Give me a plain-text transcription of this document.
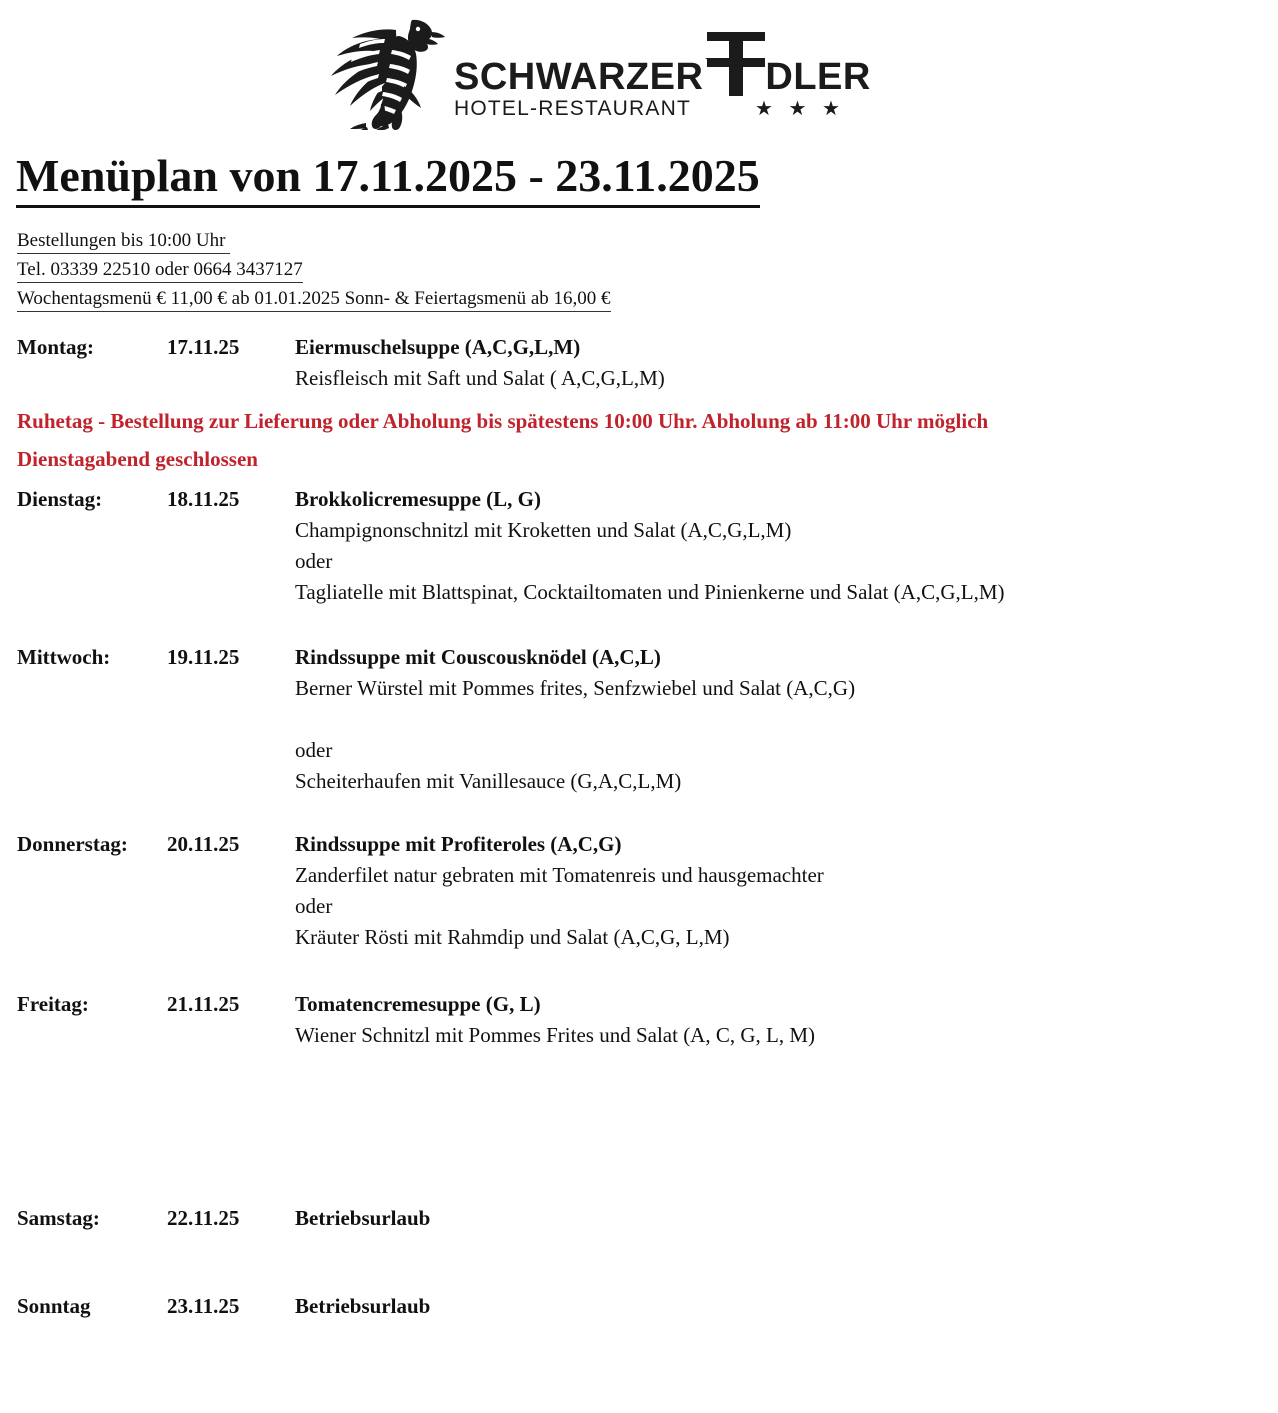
SCHWARZER DLER
HOTEL-RESTAURANT	★ ★ ★
Menüplan von 17.11.2025 - 23.11.2025
Bestellungen bis 10:00 Uhr
Tel. 03339 22510 oder 0664 3437127
Wochentagsmenü € 11,00 € ab 01.01.2025 Sonn- & Feiertagsmenü ab 16,00 €
Montag:	17.11.25	Eiermuschelsuppe (A,C,G,L,M)
Reisfleisch mit Saft und Salat ( A,C,G,L,M)
Ruhetag - Bestellung zur Lieferung oder Abholung bis spätestens 10:00 Uhr. Abholung ab 11:00 Uhr möglich
Dienstagabend geschlossen
Dienstag:	18.11.25	Brokkolicremesuppe (L, G)
Champignonschnitzl mit Kroketten und Salat (A,C,G,L,M)
oder
Tagliatelle mit Blattspinat, Cocktailtomaten und Pinienkerne und Salat (A,C,G,L,M)
Mittwoch:	19.11.25	Rindssuppe mit Couscousknödel (A,C,L)
Berner Würstel mit Pommes frites, Senfzwiebel und Salat (A,C,G)

oder
Scheiterhaufen mit Vanillesauce (G,A,C,L,M)
Donnerstag: 20.11.25	Rindssuppe mit Profiteroles (A,C,G)
Zanderfilet natur gebraten mit Tomatenreis und hausgemachter
oder
Kräuter Rösti mit Rahmdip und Salat (A,C,G, L,M)
Freitag:	21.11.25	Tomatencremesuppe (G, L)
Wiener Schnitzl mit Pommes Frites und Salat (A, C, G, L, M)
Samstag:	22.11.25	Betriebsurlaub
Sonntag	23.11.25	Betriebsurlaub
